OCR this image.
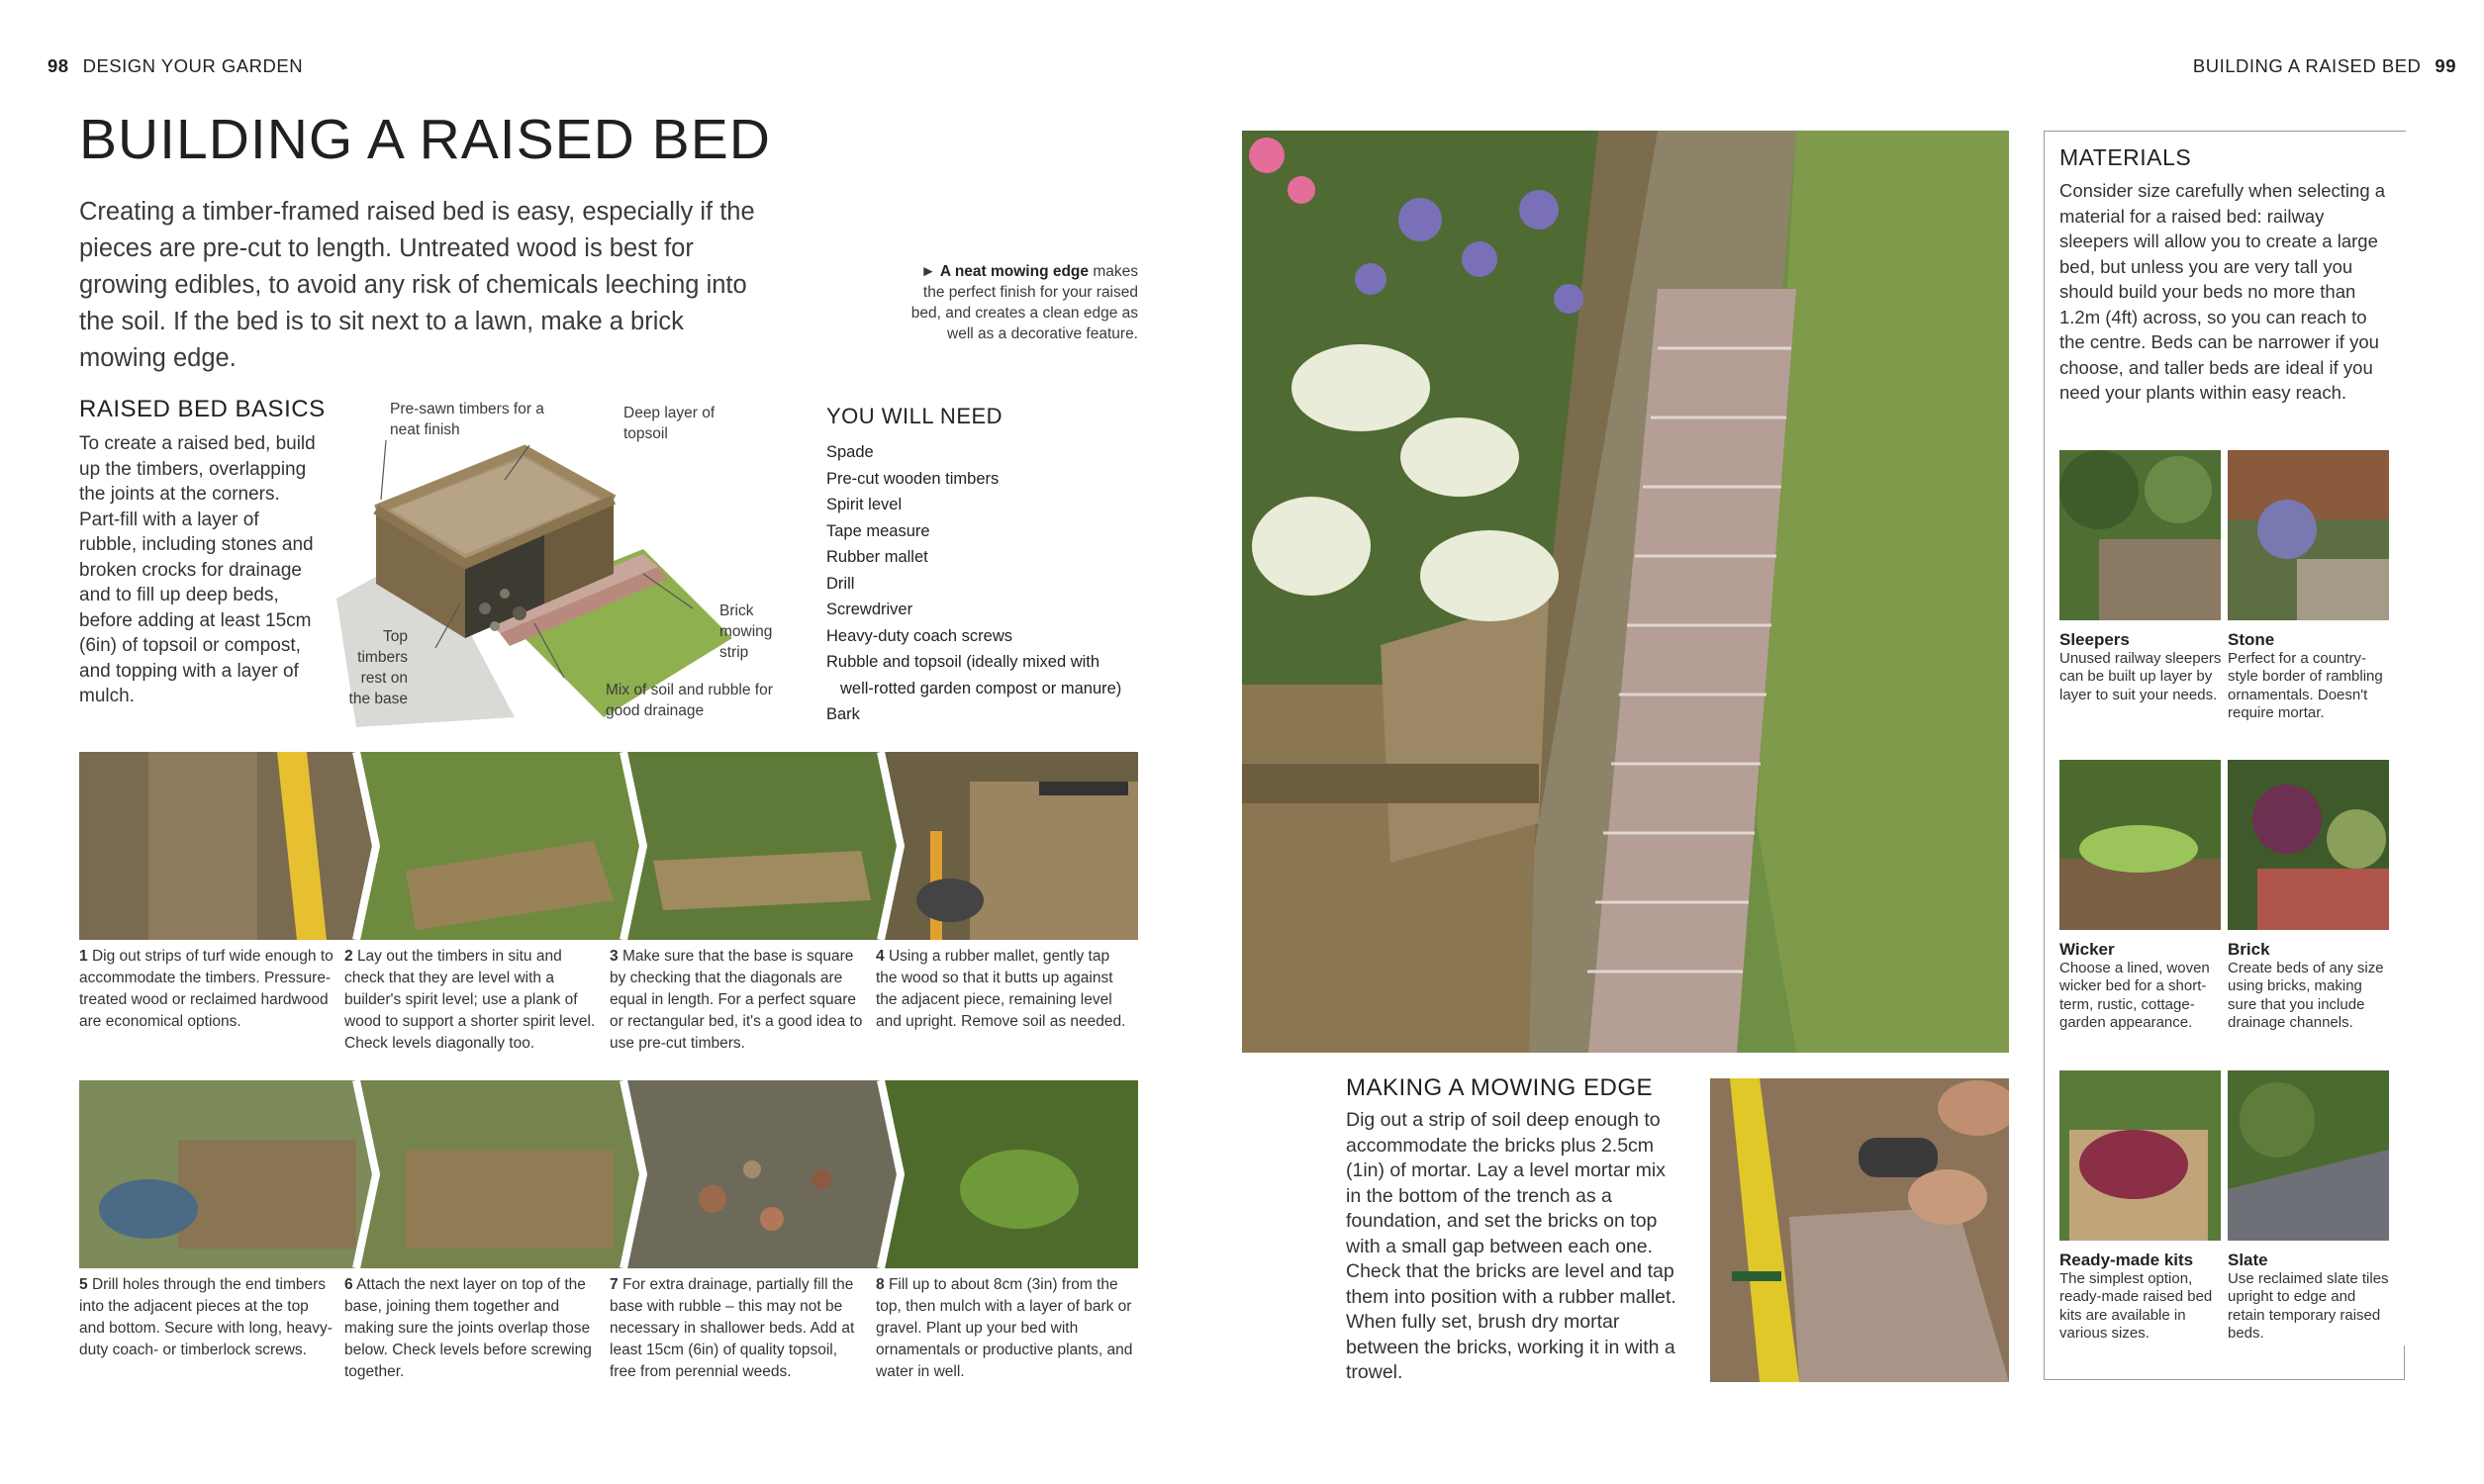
98 DESIGN YOUR GARDEN
BUILDING A RAISED BED
Creating a timber-framed raised bed is easy, especially if the pieces are pre-cut to length. Untreated wood is best for growing edibles, to avoid any risk of chemicals leeching into the soil. If the bed is to sit next to a lawn, make a brick mowing edge.
► A neat mowing edge makes the perfect finish for your raised bed, and creates a clean edge as well as a decorative feature.
RAISED BED BASICS
To create a raised bed, build up the timbers, overlapping the joints at the corners. Part-fill with a layer of rubble, including stones and broken crocks for drainage and to fill up deep beds, before adding at least 15cm (6in) of topsoil or compost, and topping with a layer of mulch.
Pre-sawn timbers for a neat finish
Deep layer of topsoil
Brick mowing strip
Top timbers rest on the base
Mix of soil and rubble for good drainage
YOU WILL NEED
Spade
Pre-cut wooden timbers
Spirit level
Tape measure
Rubber mallet
Drill
Screwdriver
Heavy-duty coach screws
Rubble and topsoil (ideally mixed with
well-rotted garden compost or manure)
Bark
1 Dig out strips of turf wide enough to accommodate the timbers. Pressure-treated wood or reclaimed hardwood are economical options.
2 Lay out the timbers in situ and check that they are level with a builder's spirit level; use a plank of wood to support a shorter spirit level. Check levels diagonally too.
3 Make sure that the base is square by checking that the diagonals are equal in length. For a perfect square or rectangular bed, it's a good idea to use pre-cut timbers.
4 Using a rubber mallet, gently tap the wood so that it butts up against the adjacent piece, remaining level and upright. Remove soil as needed.
5 Drill holes through the end timbers into the adjacent pieces at the top and bottom. Secure with long, heavy-duty coach- or timberlock screws.
6 Attach the next layer on top of the base, joining them together and making sure the joints overlap those below. Check levels before screwing together.
7 For extra drainage, partially fill the base with rubble – this may not be necessary in shallower beds. Add at least 15cm (6in) of quality topsoil, free from perennial weeds.
8 Fill up to about 8cm (3in) from the top, then mulch with a layer of bark or gravel. Plant up your bed with ornamentals or productive plants, and water in well.
BUILDING A RAISED BED 99
MAKING A MOWING EDGE
Dig out a strip of soil deep enough to accommodate the bricks plus 2.5cm (1in) of mortar. Lay a level mortar mix in the bottom of the trench as a foundation, and set the bricks on top with a small gap between each one. Check that the bricks are level and tap them into position with a rubber mallet. When fully set, brush dry mortar between the bricks, working it in with a trowel.
MATERIALS
Consider size carefully when selecting a material for a raised bed: railway sleepers will allow you to create a large bed, but unless you are very tall you should build your beds no more than 1.2m (4ft) across, so you can reach to the centre. Beds can be narrower if you choose, and taller beds are ideal if you need your plants within easy reach.
Sleepers
Unused railway sleepers can be built up layer by layer to suit your needs.
Stone
Perfect for a country-style border of rambling ornamentals. Doesn't require mortar.
Wicker
Choose a lined, woven wicker bed for a short-term, rustic, cottage-garden appearance.
Brick
Create beds of any size using bricks, making sure that you include drainage channels.
Ready-made kits
The simplest option, ready-made raised bed kits are available in various sizes.
Slate
Use reclaimed slate tiles upright to edge and retain temporary raised beds.
